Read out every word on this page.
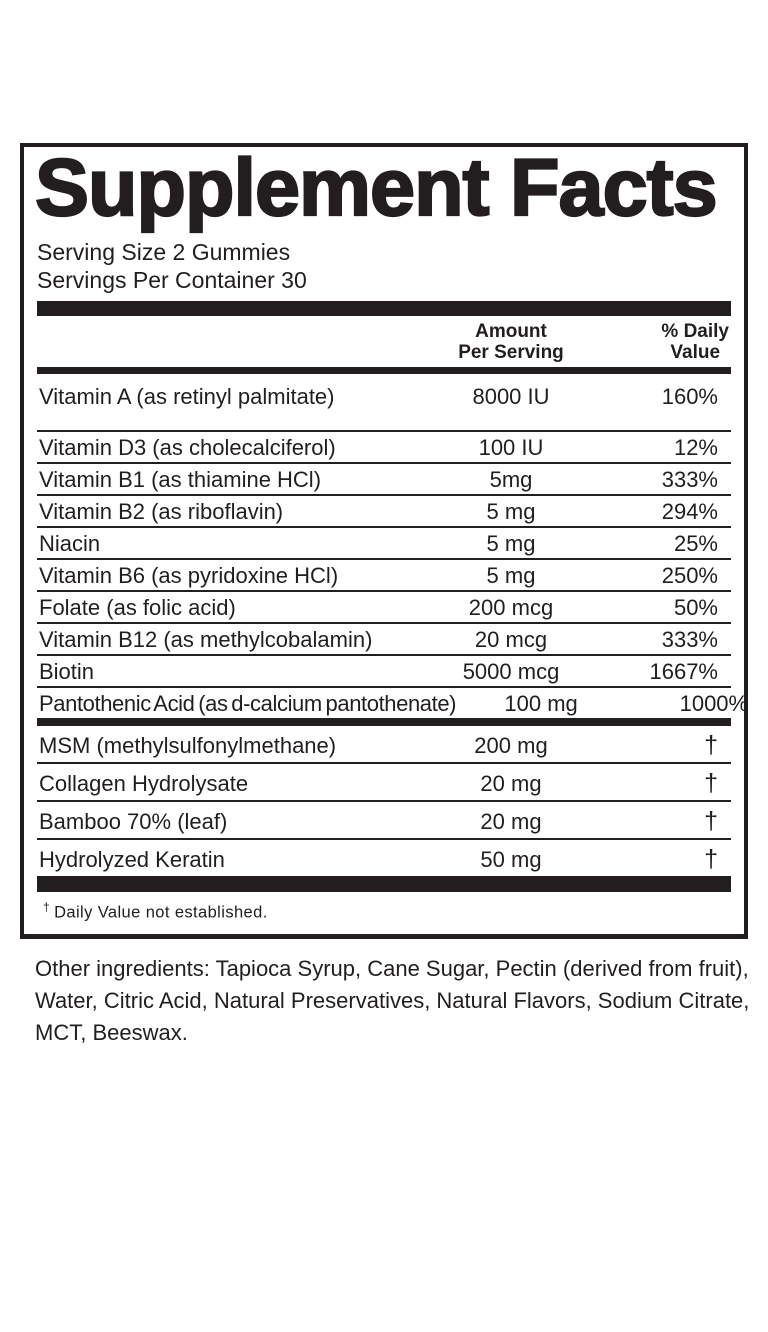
Supplement Facts
Serving Size 2 Gummies
Servings Per Container 30
Amount
Per Serving
% Daily
Value
Vitamin A (as retinyl palmitate)	8000 IU	160%
Vitamin D3 (as cholecalciferol)	100 IU	12%
Vitamin B1 (as thiamine HCl)	5mg	333%
Vitamin B2 (as riboflavin)	5 mg	294%
Niacin	5 mg	25%
Vitamin B6 (as pyridoxine HCl)	5 mg	250%
Folate (as folic acid)	200 mcg	50%
Vitamin B12 (as methylcobalamin)	20 mcg	333%
Biotin	5000 mcg	1667%
Pantothenic Acid (as d-calcium pantothenate)	100 mg	1000%
MSM (methylsulfonylmethane)	200 mg	†
Collagen Hydrolysate	20 mg	†
Bamboo 70% (leaf)	20 mg	†
Hydrolyzed Keratin	50 mg	†
† Daily Value not established.
Other ingredients: Tapioca Syrup, Cane Sugar, Pectin (derived from fruit),
Water, Citric Acid, Natural Preservatives, Natural Flavors, Sodium Citrate,
MCT, Beeswax.
